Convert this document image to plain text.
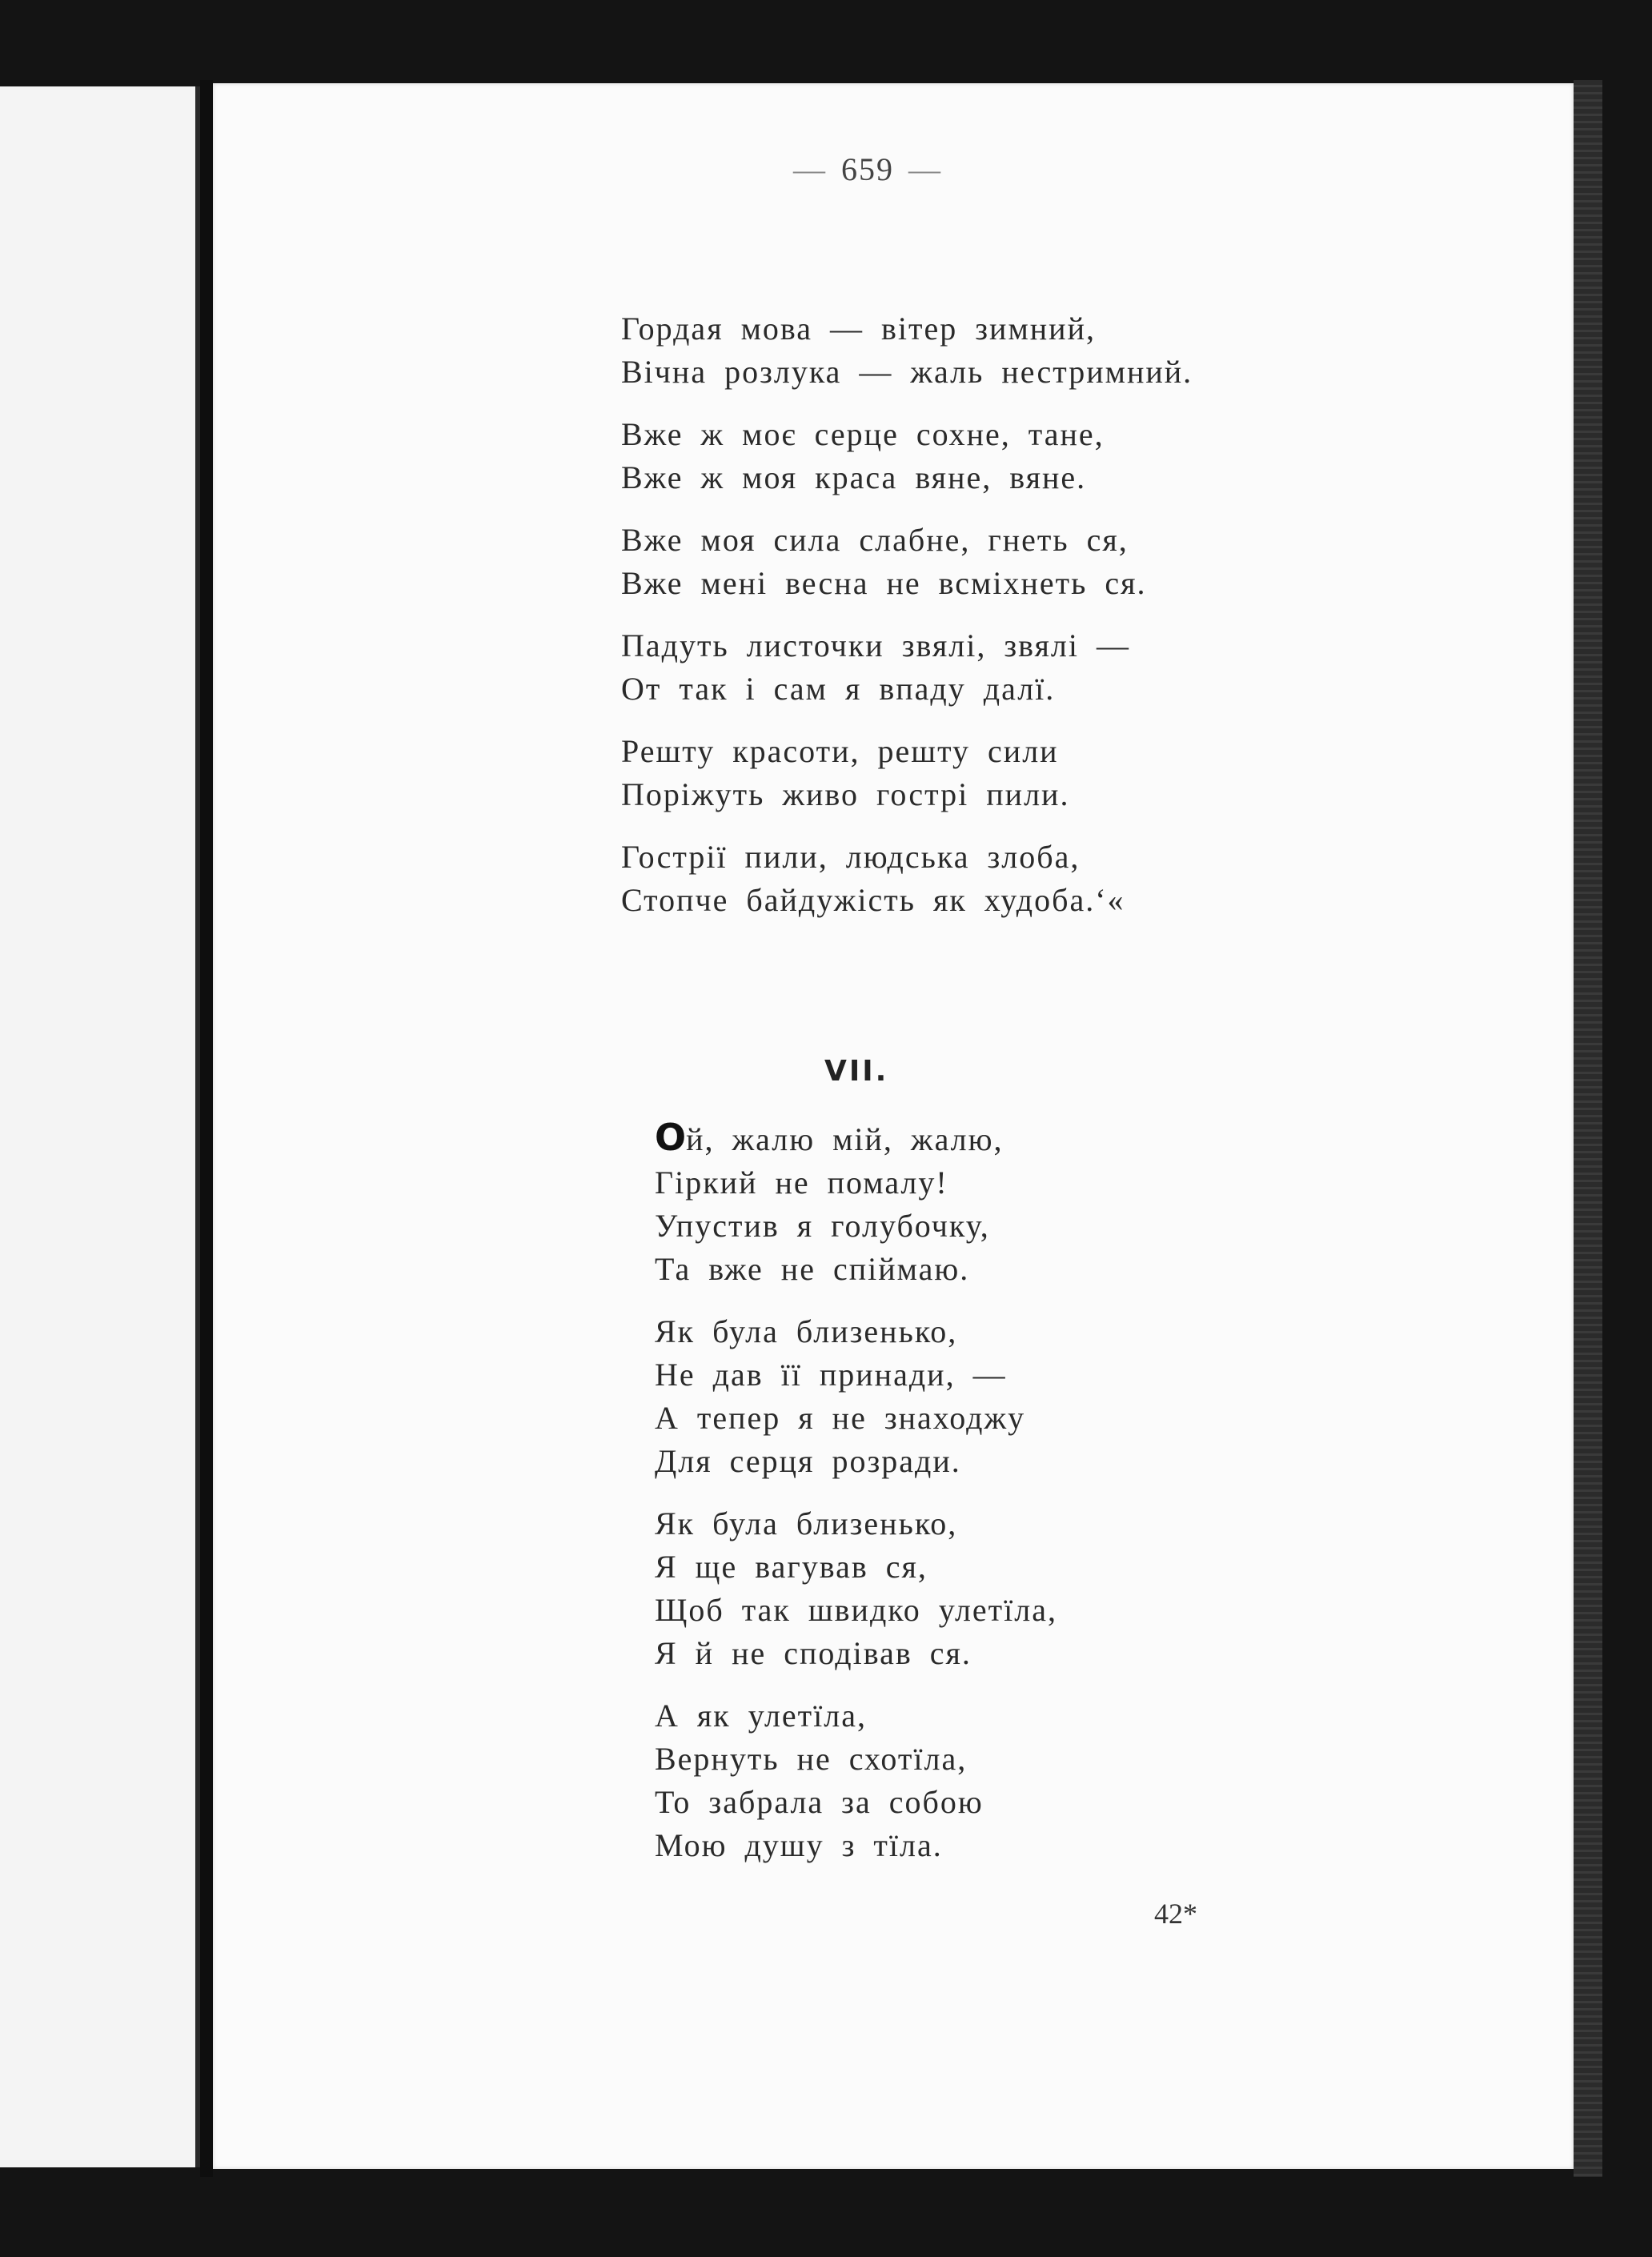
— 659 —
Гордая мова — вітер зимний,
Вічна розлука — жаль нестримний.
Вже ж моє серце сохне, тане,
Вже ж моя краса вяне, вяне.
Вже моя сила слабне, гнеть ся,
Вже мені весна не всміхнеть ся.
Падуть листочки звялі, звялі —
От так і сам я впаду далї.
Решту красоти, решту сили
Поріжуть живо гострі пили.
Гострії пили, людська злоба,
Стопче байдужість як худоба.‘«
VII.
Ой, жалю мій, жалю,
Гіркий не помалу!
Упустив я голубочку,
Та вже не спіймаю.
Як була близенько,
Не дав її принади, —
А тепер я не знаходжу
Для серця розради.
Як була близенько,
Я ще вагував ся,
Щоб так швидко улетїла,
Я й не сподівав ся.
А як улетїла,
Вернуть не схотїла,
То забрала за собою
Мою душу з тїла.
42*
